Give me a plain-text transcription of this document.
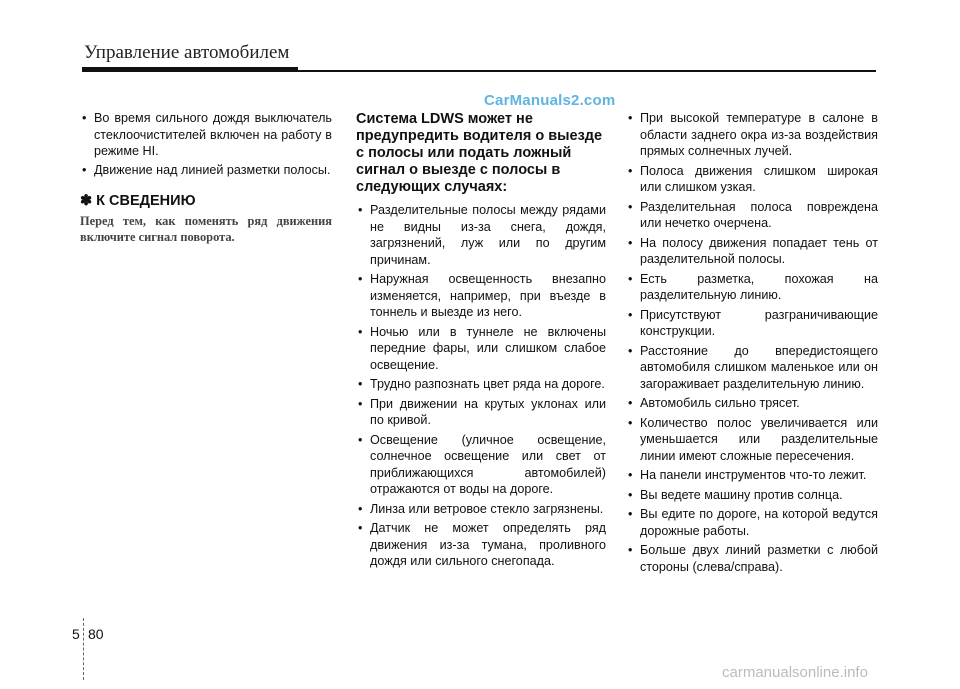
Управление автомобилем
CarManuals2.com
• Во время сильного дождя выключатель стеклоочистителей включен на работу в режиме HI.
• Движение над линией разметки полосы.
✽ К СВЕДЕНИЮ
Перед тем, как поменять ряд движения включите сигнал поворота.
Система LDWS может не предупредить водителя о выезде с полосы или подать ложный сигнал о выезде с полосы в следующих случаях:
• Разделительные полосы между рядами не видны из-за снега, дождя, загрязнений, луж или по другим причинам.
• Наружная освещенность внезапно изменяется, например, при въезде в тоннель и выезде из него.
• Ночью или в туннеле не включены передние фары, или слишком слабое освещение.
• Трудно разпознать цвет ряда на дороге.
• При движении на крутых уклонах или по кривой.
• Освещение (уличное освещение, солнечное освещение или свет от приближающихся автомобилей) отражаются от воды на дороге.
• Линза или ветровое стекло загрязнены.
• Датчик не может определять ряд движения из-за тумана, проливного дождя или сильного снегопада.
• При высокой температуре в салоне в области заднего окра из-за воздействия прямых солнечных лучей.
• Полоса движения слишком широкая или слишком узкая.
• Разделительная полоса повреждена или нечетко очерчена.
• На полосу движения попадает тень от разделительной полосы.
• Есть разметка, похожая на разделительную линию.
• Присутствуют разграничивающие конструкции.
• Расстояние до впередистоящего автомобиля слишком маленькое или он загораживает разделительную линию.
• Автомобиль сильно трясет.
• Количество полос увеличивается или уменьшается или разделительные линии имеют сложные пересечения.
• На панели инструментов что-то лежит.
• Вы ведете машину против солнца.
• Вы едите по дороге, на которой ведутся дорожные работы.
• Больше двух линий разметки с любой стороны (слева/справа).
5 80
carmanualsonline.info
